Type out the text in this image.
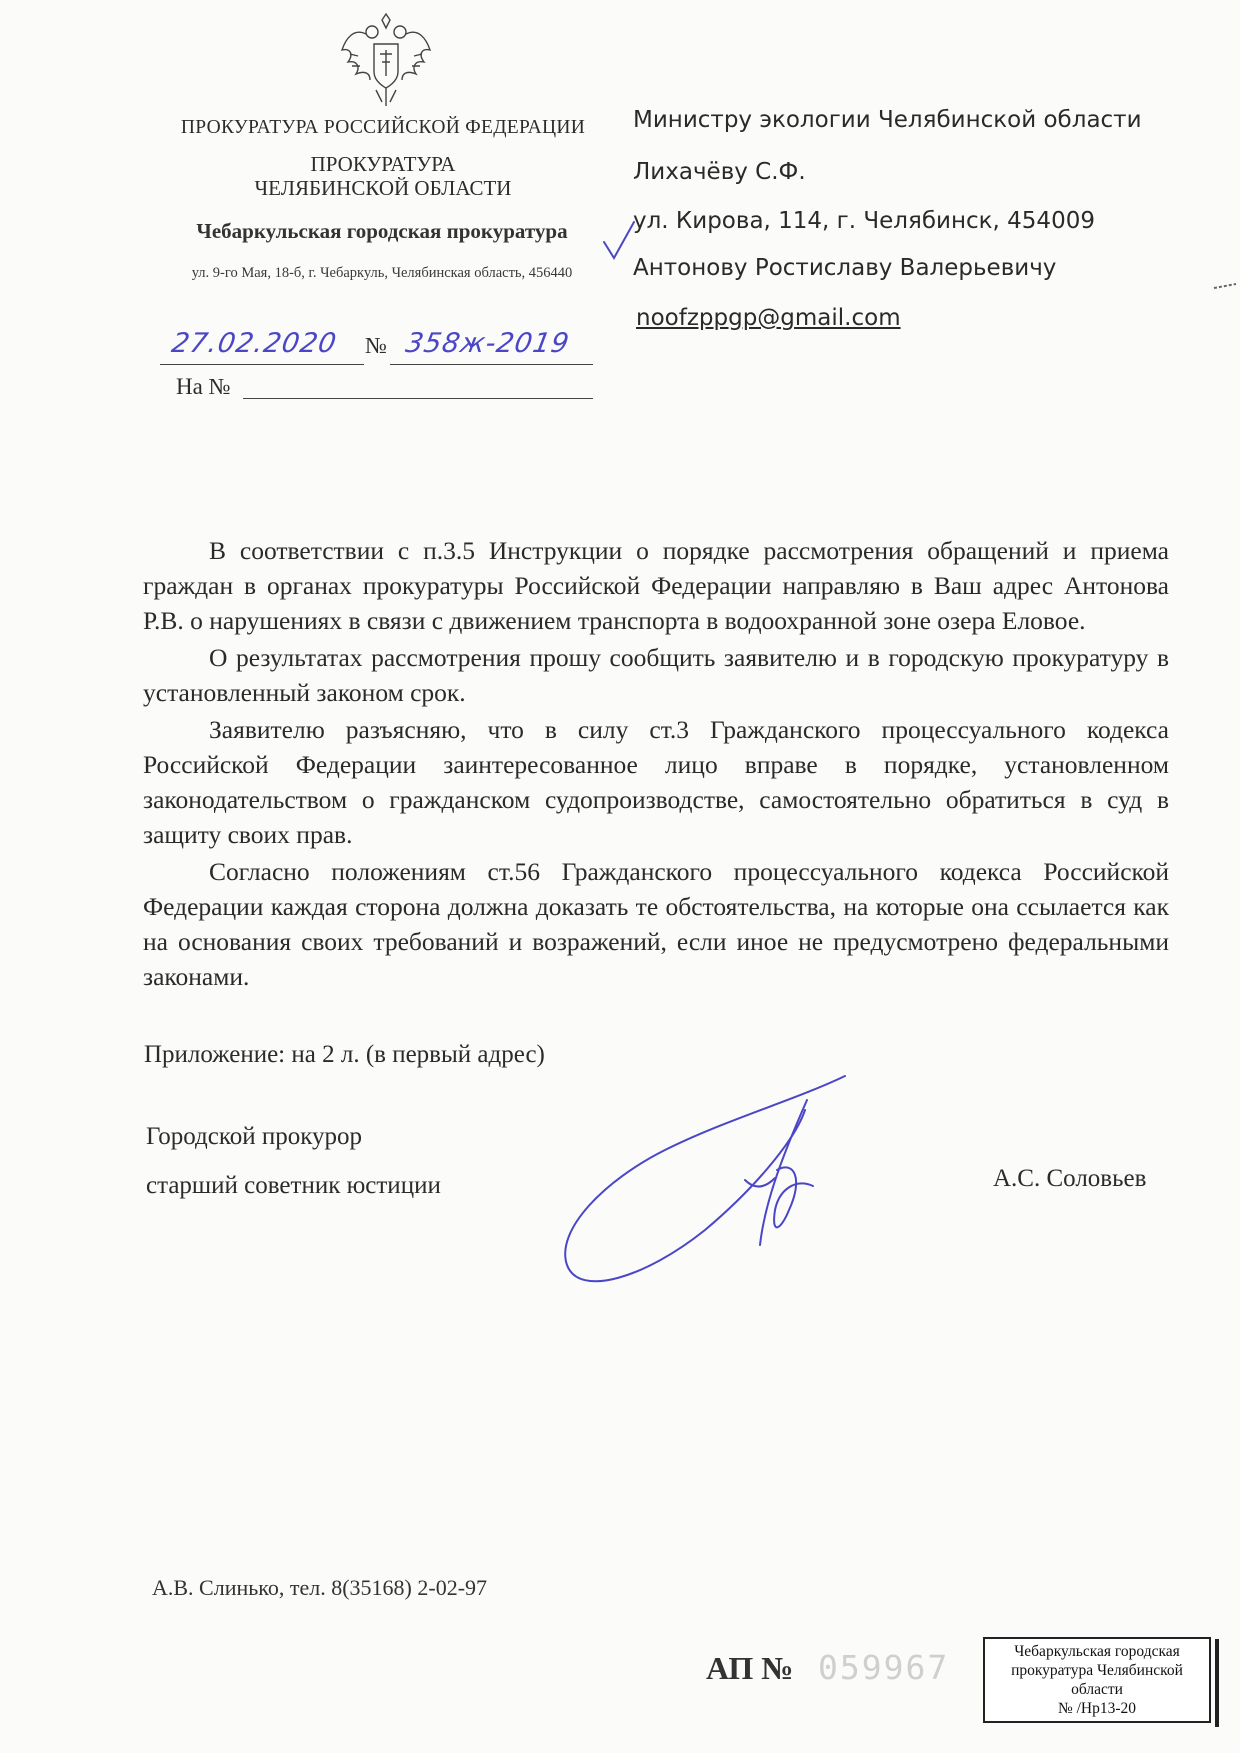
ПРОКУРАТУРА РОССИЙСКОЙ ФЕДЕРАЦИИ
ПРОКУРАТУРА
ЧЕЛЯБИНСКОЙ ОБЛАСТИ
Чебаркульская городская прокуратура
ул. 9-го Мая, 18-б, г. Чебаркуль, Челябинская область, 456440
27.02.2020 № 358ж-2019
На №
Министру экологии Челябинской области
Лихачёву С.Ф.
ул. Кирова, 114, г. Челябинск, 454009
Антонову Ростиславу Валерьевичу
noofzppgp@gmail.com

В соответствии с п.3.5 Инструкции о порядке рассмотрения обращений и приема граждан в органах прокуратуры Российской Федерации направляю в Ваш адрес Антонова Р.В. о нарушениях в связи с движением транспорта в водоохранной зоне озера Еловое.

О результатах рассмотрения прошу сообщить заявителю и в городскую прокуратуру в установленный законом срок.

Заявителю разъясняю, что в силу ст.3 Гражданского процессуального кодекса Российской Федерации заинтересованное лицо вправе в порядке, установленном законодательством о гражданском судопроизводстве, самостоятельно обратиться в суд в защиту своих прав.

Согласно положениям ст.56 Гражданского процессуального кодекса Российской Федерации каждая сторона должна доказать те обстоятельства, на которые она ссылается как на основания своих требований и возражений, если иное не предусмотрено федеральными законами.

Приложение: на 2 л. (в первый адрес)
Городской прокурор
старший советник юстиции	А.С. Соловьев
А.В. Слинько, тел. 8(35168) 2-02-97
АП № 059967	Чебаркульская городская
прокуратура Челябинской
области
№ /Нр13-20
